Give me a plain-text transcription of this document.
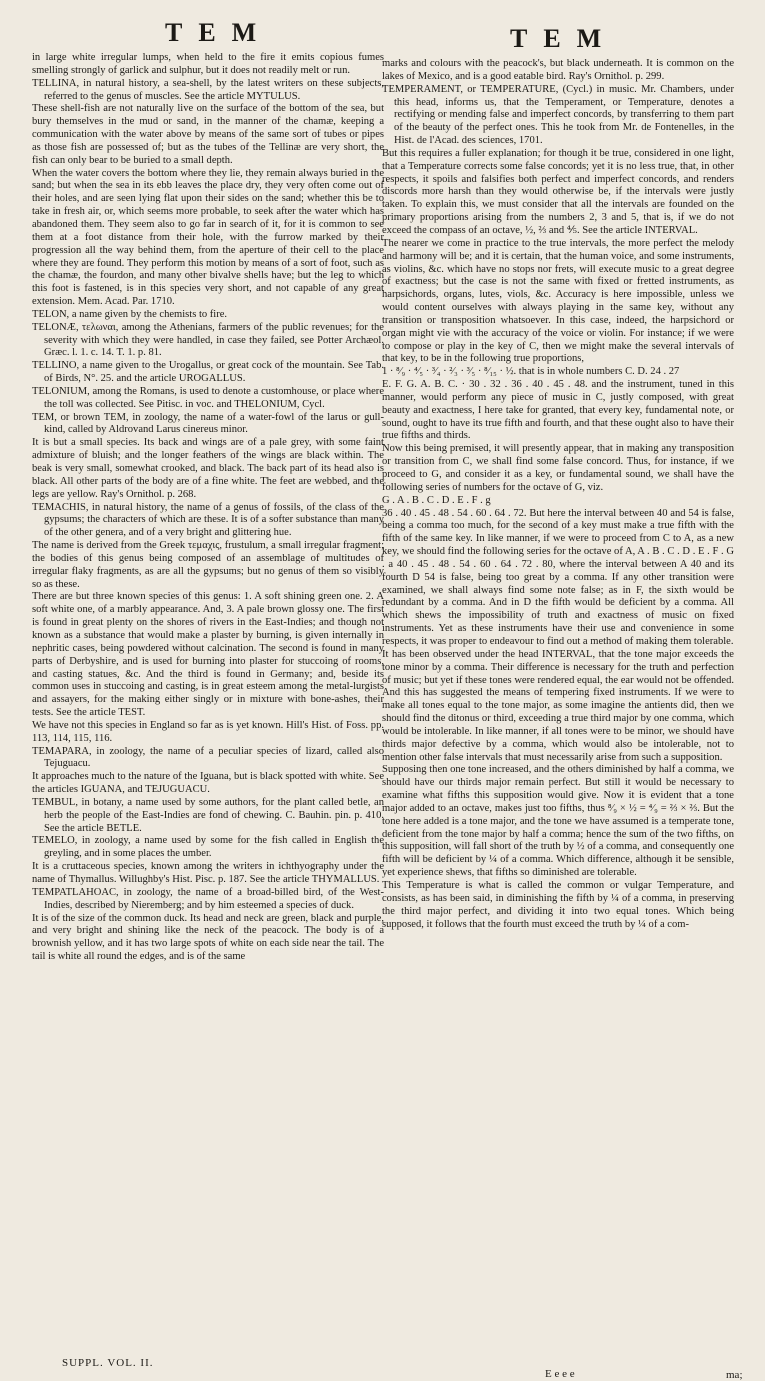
TEM	TEM

in large white irregular lumps, when held to the fire it emits copious fumes smelling strongly of garlick and sulphur, but it does not readily melt or run.

TELLINA, in natural history, a sea-shell, by the latest writers on these subjects, referred to the genus of muscles. See the article MYTULUS.

These shell-fish are not naturally live on the surface of the bottom of the sea, but bury themselves in the mud or sand, in the manner of the chamæ, keeping a communication with the water above by means of the same sort of tubes or pipes as those fish are possessed of; but as the tubes of the Tellinæ are very short, the fish can only bear to be buried to a small depth.

When the water covers the bottom where they lie, they remain always buried in the sand; but when the sea in its ebb leaves the place dry, they very often come out of their holes, and are seen lying flat upon their sides on the sand; whether this be to take in fresh air, or, which seems more probable, to seek after the water which has abandoned them. They seem also to go far in search of it, for it is common to see them at a foot distance from their hole, with the furrow marked by their progression all the way behind them, from the aperture of their cell to the place where they are found. They perform this motion by means of a sort of foot, such as the chamæ, the fourdon, and many other bivalve shells have; but the leg to which this foot is fastened, is in this species very short, and not capable of any great extension. Mem. Acad. Par. 1710.

TELON, a name given by the chemists to fire.

TELONÆ, τελωναι, among the Athenians, farmers of the public revenues; for the severity with which they were handled, in case they failed, see Potter Archæol. Græc. l. 1. c. 14. T. 1. p. 81.

TELLINO, a name given to the Urogallus, or great cock of the mountain. See Tab. of Birds, N°. 25. and the article UROGALLUS.

TELONIUM, among the Romans, is used to denote a customhouse, or place where the toll was collected. See Pitisc. in voc. and THELONIUM, Cycl.

TEM, or brown TEM, in zoology, the name of a water-fowl of the larus or gull-kind, called by Aldrovand Larus cinereus minor.

It is but a small species. Its back and wings are of a pale grey, with some faint admixture of bluish; and the longer feathers of the wings are black within. The beak is very small, somewhat crooked, and black. The back part of its head also is black. All other parts of the body are of a fine white. The feet are webbed, and the legs are yellow. Ray's Ornithol. p. 268.

TEMACHIS, in natural history, the name of a genus of fossils, of the class of the gypsums; the characters of which are these. It is of a softer substance than many of the other genera, and of a very bright and glittering hue.

The name is derived from the Greek τεμαχις, frustulum, a small irregular fragment; the bodies of this genus being composed of an assemblage of multitudes of irregular flaky fragments, as are all the gypsums; but no genus of them so visibly so as these.

There are but three known species of this genus: 1. A soft shining green one. 2. A soft white one, of a marbly appearance. And, 3. A pale brown glossy one. The first is found in great plenty on the shores of rivers in the East-Indies; and though not known as a substance that would make a plaster by burning, is given internally in nephritic cases, being powdered without calcination. The second is found in many parts of Derbyshire, and is used for burning into plaster for stuccoing of rooms, and casting statues, &c. And the third is found in Germany; and, beside its common uses in stuccoing and casting, is in great esteem among the metal-lurgists and assayers, for the making either singly or in mixture with bone-ashes, their tests. See the article TEST.

We have not this species in England so far as is yet known. Hill's Hist. of Foss. pp. 113, 114, 115, 116.

TEMAPARA, in zoology, the name of a peculiar species of lizard, called also Tejuguacu.

It approaches much to the nature of the Iguana, but is black spotted with white. See the articles IGUANA, and TEJUGUACU.

TEMBUL, in botany, a name used by some authors, for the plant called betle, an herb the people of the East-Indies are fond of chewing. C. Bauhin. pin. p. 410. See the article BETLE.

TEMELO, in zoology, a name used by some for the fish called in English the greyling, and in some places the umber.

It is a cruttaceous species, known among the writers in ichthyography under the name of Thymallus. Willughby's Hist. Pisc. p. 187. See the article THYMALLUS.

TEMPATLAHOAC, in zoology, the name of a broad-billed bird, of the West-Indies, described by Nieremberg; and by him esteemed a species of duck.

It is of the size of the common duck. Its head and neck are green, black and purple, and very bright and shining like the neck of the peacock. The body is of a brownish yellow, and it has two large spots of white on each side near the tail. The tail is white all round the edges, and is of the same

marks and colours with the peacock's, but black underneath. It is common on the lakes of Mexico, and is a good eatable bird. Ray's Ornithol. p. 299.

TEMPERAMENT, or TEMPERATURE, (Cycl.) in music. Mr. Chambers, under this head, informs us, that the Temperament, or Temperature, denotes a rectifying or mending false and imperfect concords, by transferring to them part of the beauty of the perfect ones. This he took from Mr. de Fontenelles, in the Hist. de l'Acad. des sciences, 1701.

But this requires a fuller explanation; for though it be true, considered in one light, that a Temperature corrects some false concords; yet it is no less true, that, in other respects, it spoils and falsifies both perfect and imperfect concords, and renders discords more harsh than they would otherwise be, if the intervals were justly taken. To explain this, we must consider that all the intervals are founded on the primary proportions arising from the numbers 2, 3 and 5, that is, if we do not exceed the compass of an octave, ½, ⅔ and ⅘. See the article INTERVAL.

The nearer we come in practice to the true intervals, the more perfect the melody and harmony will be; and it is certain, that the human voice, and some instruments, as violins, &c. which have no stops nor frets, will execute music to a great degree of exactness; but the case is not the same with fixed or fretted instruments, as harpsichords, organs, lutes, viols, &c. Accuracy is here impossible, unless we would content ourselves with always playing in the same key, without any transition or transposition whatsoever. In this case, indeed, the harpsichord or organ might vie with the accuracy of the voice or violin. For instance; if we were to compose or play in the key of C, then we might make the several intervals of that key, to be in the following true proportions,

1 · ⁸⁄₉ · ⁴⁄₅ · ³⁄₄ · ²⁄₃ · ³⁄₅ · ⁸⁄₁₅ · ½. that is in whole numbers C. D. 24 . 27

E. F. G. A. B. C. · 30 . 32 . 36 . 40 . 45 . 48. and the instrument, tuned in this manner, would perform any piece of music in C, justly composed, with great beauty and exactness, I here take for granted, that every key, fundamental note, or sound, ought to have its true fifth and fourth, and that these ought also to have their true fifths and thirds.

Now this being premised, it will presently appear, that in making any transposition or transition from C, we shall find some false concord. Thus, for instance, if we proceed to G, and consider it as a key, or fundamental sound, we shall have the following series of numbers for the octave of G, viz.

G . A . B . C . D . E . F . g

36 . 40 . 45 . 48 . 54 . 60 . 64 . 72. But here the interval between 40 and 54 is false, being a comma too much, for the second of a key must make a true fifth with the fifth of the same key. In like manner, if we were to proceed from C to A, as a new key, we should find the following series for the octave of A, A . B . C . D . E . F . G . a 40 . 45 . 48 . 54 . 60 . 64 . 72 . 80, where the interval between A 40 and its fourth D 54 is false, being too great by a comma. If any other transition were examined, we shall always find some note false; as in F, the sixth would be redundant by a comma. And in D the fifth would be deficient by a comma. All which shews the impossibility of truth and exactness of music on fixed instruments. Yet as these instruments have their use and convenience in some respects, it was proper to endeavour to find out a method of making them tolerable.

It has been observed under the head INTERVAL, that the tone major exceeds the tone minor by a comma. Their difference is necessary for the truth and perfection of music; but yet if these tones were rendered equal, the ear would not be offended. And this has suggested the means of tempering fixed instruments. If we were to make all tones equal to the tone major, as some imagine the antients did, then we should find the ditonus or third, exceeding a true third major by one comma, which would be intolerable. In like manner, if all tones were to be minor, we should have thirds major defective by a comma, which would also be intolerable, not to mention other false intervals that must necessarily arise from such a supposition.

Supposing then one tone increased, and the others diminished by half a comma, we should have our thirds major remain perfect. But still it would be necessary to examine what fifths this supposition would give. Now it is evident that a tone major added to an octave, makes just too fifths, thus ⁸⁄₉ × ½ = ⁴⁄₉ = ⅔ × ⅔. But the tone here added is a tone major, and the tone we have assumed is a temperate tone, deficient from the tone major by half a comma; hence the sum of the two fifths, on this supposition, will fall short of the truth by ½ of a comma, and consequently one fifth will be deficient by ¼ of a comma. Which difference, although it be sensible, yet experience shews, that fifths so diminished are tolerable.

This Temperature is what is called the common or vulgar Temperature, and consists, as has been said, in diminishing the fifth by ¼ of a comma, in preserving the third major perfect, and dividing it into two equal tones. Which being supposed, it follows that the fourth must exceed the truth by ¼ of a com-

SUPPL. VOL. II.
E e e e	ma;
